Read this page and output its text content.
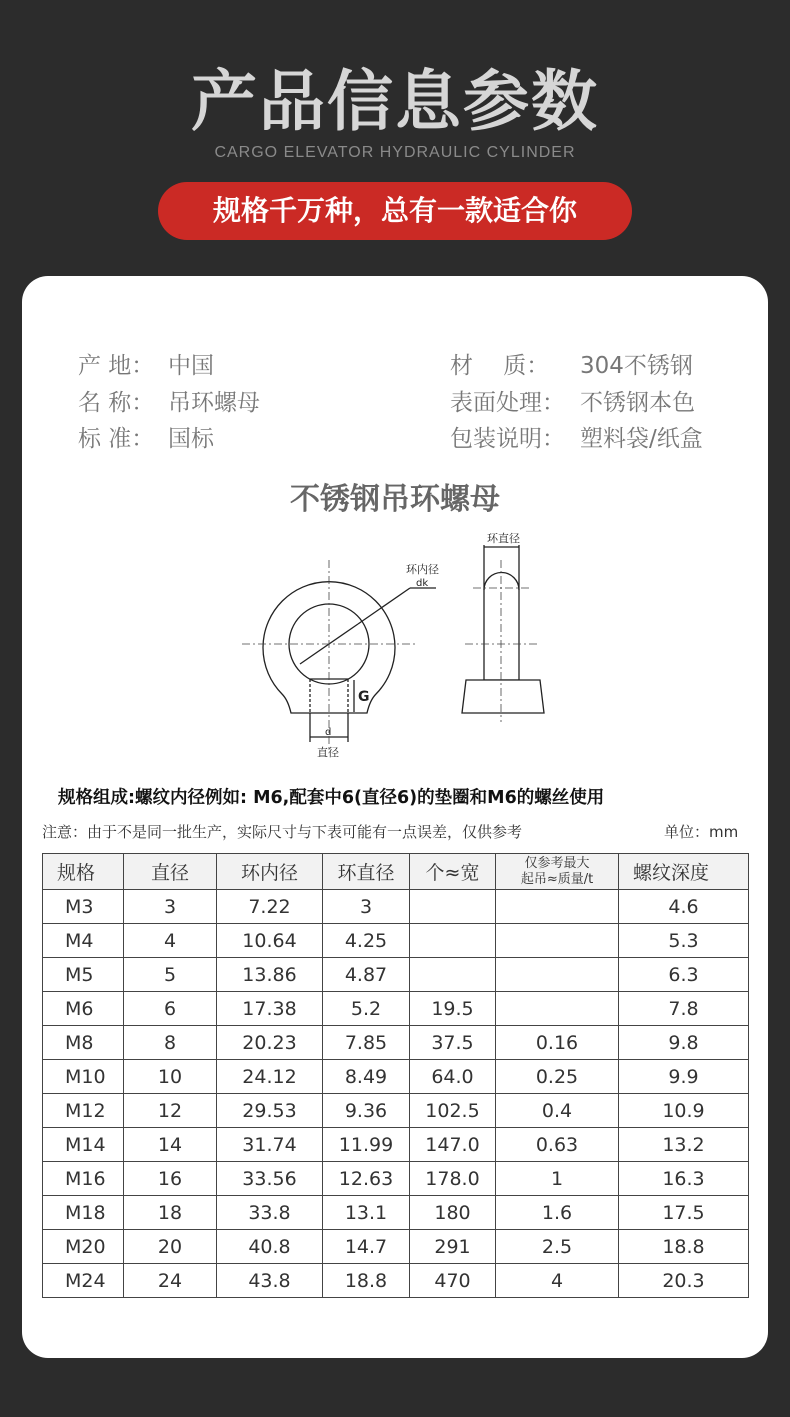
产品信息参数
CARGO ELEVATOR HYDRAULIC CYLINDER
规格千万种，总有一款适合你
产 地： 中国
名 称： 吊环螺母
标 准： 国标
材　 质： 304不锈钢
表面处理： 不锈钢本色
包装说明： 塑料袋/纸盒
不锈钢吊环螺母
环内径
dk
G
d
直径
环直径
规格组成:螺纹内径例如: M6,配套中6(直径6)的垫圈和M6的螺丝使用
注意：由于不是同一批生产，实际尺寸与下表可能有一点误差，仅供参考	单位：mm
规格	直径	环内径	环直径	个≈宽	仅参考最大
起吊≈质量/t	螺纹深度
M3	3	7.22	3			4.6
M4	4	10.64	4.25			5.3
M5	5	13.86	4.87			6.3
M6	6	17.38	5.2	19.5		7.8
M8	8	20.23	7.85	37.5	0.16	9.8
M10	10	24.12	8.49	64.0	0.25	9.9
M12	12	29.53	9.36	102.5	0.4	10.9
M14	14	31.74	11.99	147.0	0.63	13.2
M16	16	33.56	12.63	178.0	1	16.3
M18	18	33.8	13.1	180	1.6	17.5
M20	20	40.8	14.7	291	2.5	18.8
M24	24	43.8	18.8	470	4	20.3
